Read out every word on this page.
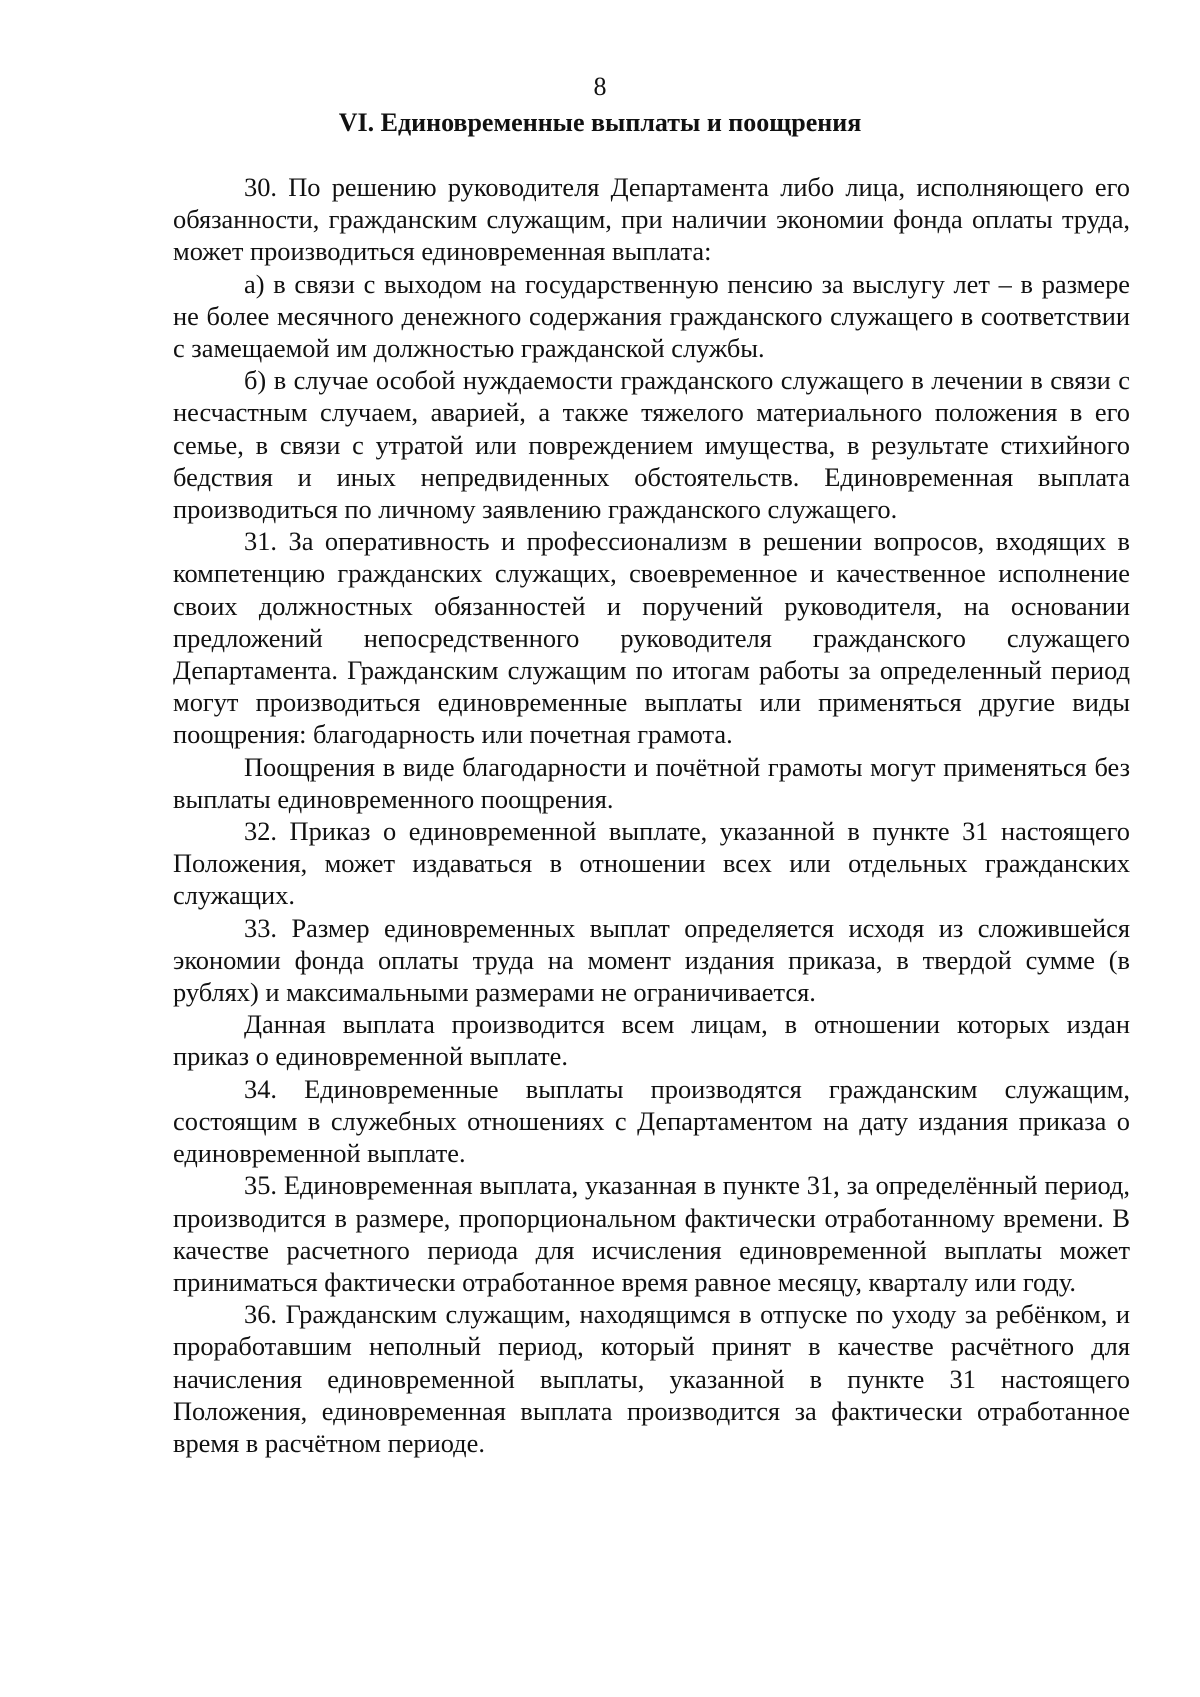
8
VI. Единовременные выплаты и поощрения

30. По решению руководителя Департамента либо лица, исполняющего его обязанности, гражданским служащим, при наличии экономии фонда оплаты труда, может производиться единовременная выплата:

а) в связи с выходом на государственную пенсию за выслугу лет – в размере не более месячного денежного содержания гражданского служащего в соответствии с замещаемой им должностью гражданской службы.

б) в случае особой нуждаемости гражданского служащего в лечении в связи с несчастным случаем, аварией, а также тяжелого материального положения в его семье, в связи с утратой или повреждением имущества, в результате стихийного бедствия и иных непредвиденных обстоятельств. Единовременная выплата производиться по личному заявлению гражданского служащего.

31. За оперативность и профессионализм в решении вопросов, входящих в компетенцию гражданских служащих, своевременное и качественное исполнение своих должностных обязанностей и поручений руководителя, на основании предложений непосредственного руководителя гражданского служащего Департамента. Гражданским служащим по итогам работы за определенный период могут производиться единовременные выплаты или применяться другие виды поощрения: благодарность или почетная грамота.

Поощрения в виде благодарности и почётной грамоты могут применяться без выплаты единовременного поощрения.

32. Приказ о единовременной выплате, указанной в пункте 31 настоящего Положения, может издаваться в отношении всех или отдельных гражданских служащих.

33. Размер единовременных выплат определяется исходя из сложившейся экономии фонда оплаты труда на момент издания приказа, в твердой сумме (в рублях) и максимальными размерами не ограничивается.

Данная выплата производится всем лицам, в отношении которых издан приказ о единовременной выплате.

34. Единовременные выплаты производятся гражданским служащим, состоящим в служебных отношениях с Департаментом на дату издания приказа о единовременной выплате.

35. Единовременная выплата, указанная в пункте 31, за определённый период, производится в размере, пропорциональном фактически отработанному времени. В качестве расчетного периода для исчисления единовременной выплаты может приниматься фактически отработанное время равное месяцу, кварталу или году.

36. Гражданским служащим, находящимся в отпуске по уходу за ребёнком, и проработавшим неполный период, который принят в качестве расчётного для начисления единовременной выплаты, указанной в пункте 31 настоящего Положения, единовременная выплата производится за фактически отработанное время в расчётном периоде.
